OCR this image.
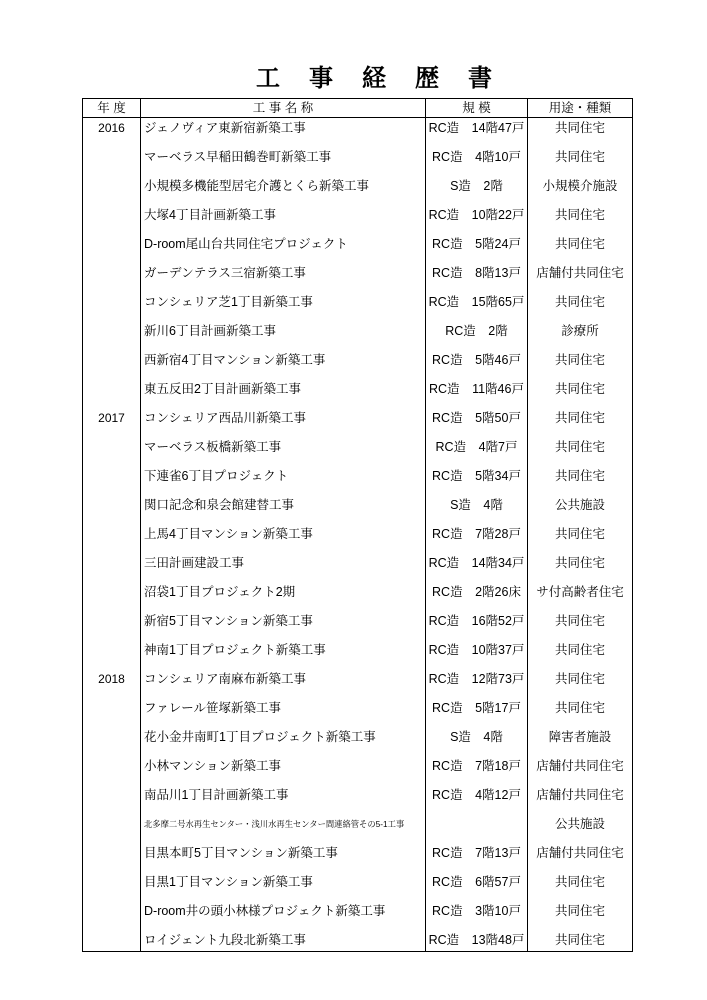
工　事　経　歴　書
年 度	工 事 名 称	規 模	用途・種類
2016	ジェノヴィア東新宿新築工事	RC造　14階47戸	共同住宅
	マーベラス早稲田鶴巻町新築工事	RC造　4階10戸	共同住宅
	小規模多機能型居宅介護とくら新築工事	S造　2階	小規模介施設
	大塚4丁目計画新築工事	RC造　10階22戸	共同住宅
	D-room尾山台共同住宅プロジェクト	RC造　5階24戸	共同住宅
	ガーデンテラス三宿新築工事	RC造　8階13戸	店舗付共同住宅
	コンシェリア芝1丁目新築工事	RC造　15階65戸	共同住宅
	新川6丁目計画新築工事	RC造　2階	診療所
	西新宿4丁目マンション新築工事	RC造　5階46戸	共同住宅
	東五反田2丁目計画新築工事	RC造　11階46戸	共同住宅
2017	コンシェリア西品川新築工事	RC造　5階50戸	共同住宅
	マーベラス板橋新築工事	RC造　4階7戸	共同住宅
	下連雀6丁目プロジェクト	RC造　5階34戸	共同住宅
	関口記念和泉会館建替工事	S造　4階	公共施設
	上馬4丁目マンション新築工事	RC造　7階28戸	共同住宅
	三田計画建設工事	RC造　14階34戸	共同住宅
	沼袋1丁目プロジェクト2期	RC造　2階26床	サ付高齢者住宅
	新宿5丁目マンション新築工事	RC造　16階52戸	共同住宅
	神南1丁目プロジェクト新築工事	RC造　10階37戸	共同住宅
2018	コンシェリア南麻布新築工事	RC造　12階73戸	共同住宅
	ファレール笹塚新築工事	RC造　5階17戸	共同住宅
	花小金井南町1丁目プロジェクト新築工事	S造　4階	障害者施設
	小林マンション新築工事	RC造　7階18戸	店舗付共同住宅
	南品川1丁目計画新築工事	RC造　4階12戸	店舗付共同住宅
	北多摩二号水再生センター・浅川水再生センター間連絡管その5-1工事		公共施設
	目黒本町5丁目マンション新築工事	RC造　7階13戸	店舗付共同住宅
	目黒1丁目マンション新築工事	RC造　6階57戸	共同住宅
	D-room井の頭小林様プロジェクト新築工事	RC造　3階10戸	共同住宅
	ロイジェント九段北新築工事	RC造　13階48戸	共同住宅
